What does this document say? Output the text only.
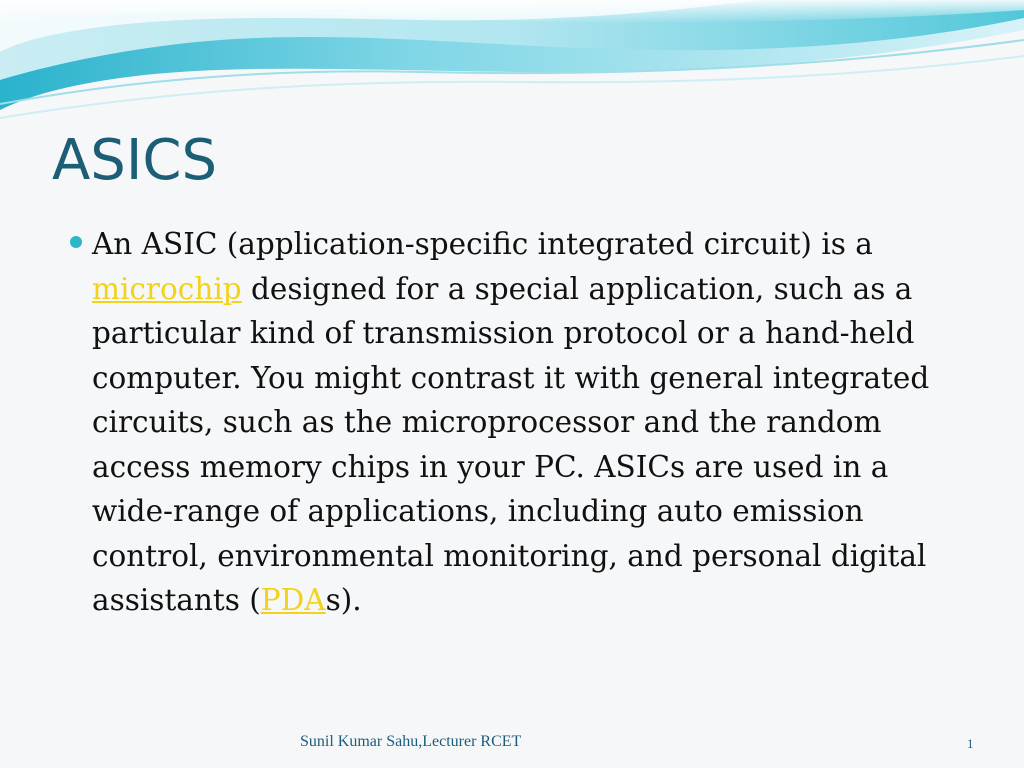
ASICS

An ASIC (application-specific integrated circuit) is a microchip designed for a special application, such as a particular kind of transmission protocol or a hand-held computer. You might contrast it with general integrated circuits, such as the microprocessor and the random access memory chips in your PC. ASICs are used in a wide-range of applications, including auto emission control, environmental monitoring, and personal digital assistants (PDAs).

Sunil Kumar Sahu,Lecturer RCET	1
